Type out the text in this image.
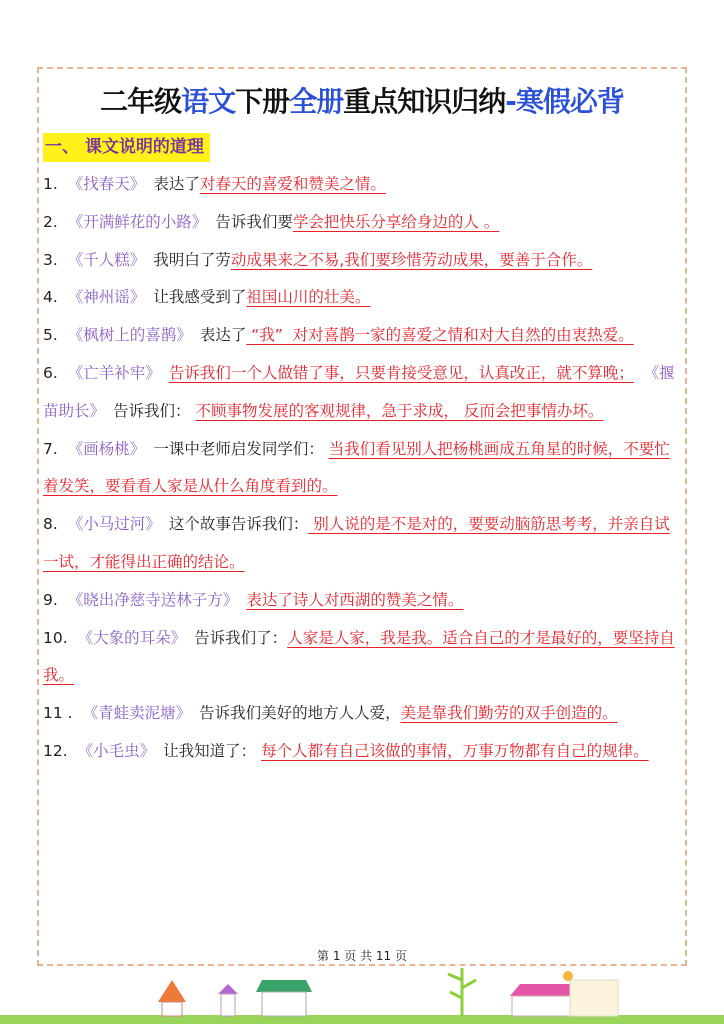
二年级语文下册全册重点知识归纳-寒假必背
一、 课文说明的道理
1. 《找春天》 表达了对春天的喜爱和赞美之情。
2. 《开满鲜花的小路》 告诉我们要学会把快乐分享给身边的人 。
3. 《千人糕》 我明白了劳动成果来之不易,我们要珍惜劳动成果，要善于合作。
4. 《神州谣》 让我感受到了祖国山川的壮美。
5. 《枫树上的喜鹊》 表达了 “我”  对对喜鹊一家的喜爱之情和对大自然的由衷热爱。
6. 《亡羊补牢》 告诉我们一个人做错了事，只要肯接受意见，认真改正，就不算晚； 《揠苗助长》 告诉我们： 不顾事物发展的客观规律，急于求成， 反而会把事情办坏。
7. 《画杨桃》 一课中老师启发同学们： 当我们看见别人把杨桃画成五角星的时候，不要忙着发笑，要看看人家是从什么角度看到的。
8. 《小马过河》 这个故事告诉我们： 别人说的是不是对的，要要动脑筋思考考，并亲自试一试，才能得出正确的结论。
9. 《晓出净慈寺送林子方》 表达了诗人对西湖的赞美之情。
10. 《大象的耳朵》 告诉我们了：人家是人家，我是我。适合自己的才是最好的，要坚持自我。
11 . 《青蛙卖泥塘》 告诉我们美好的地方人人爱，美是靠我们勤劳的双手创造的。
12. 《小毛虫》 让我知道了： 每个人都有自己该做的事情，万事万物都有自己的规律。
第 1 页 共 11 页
